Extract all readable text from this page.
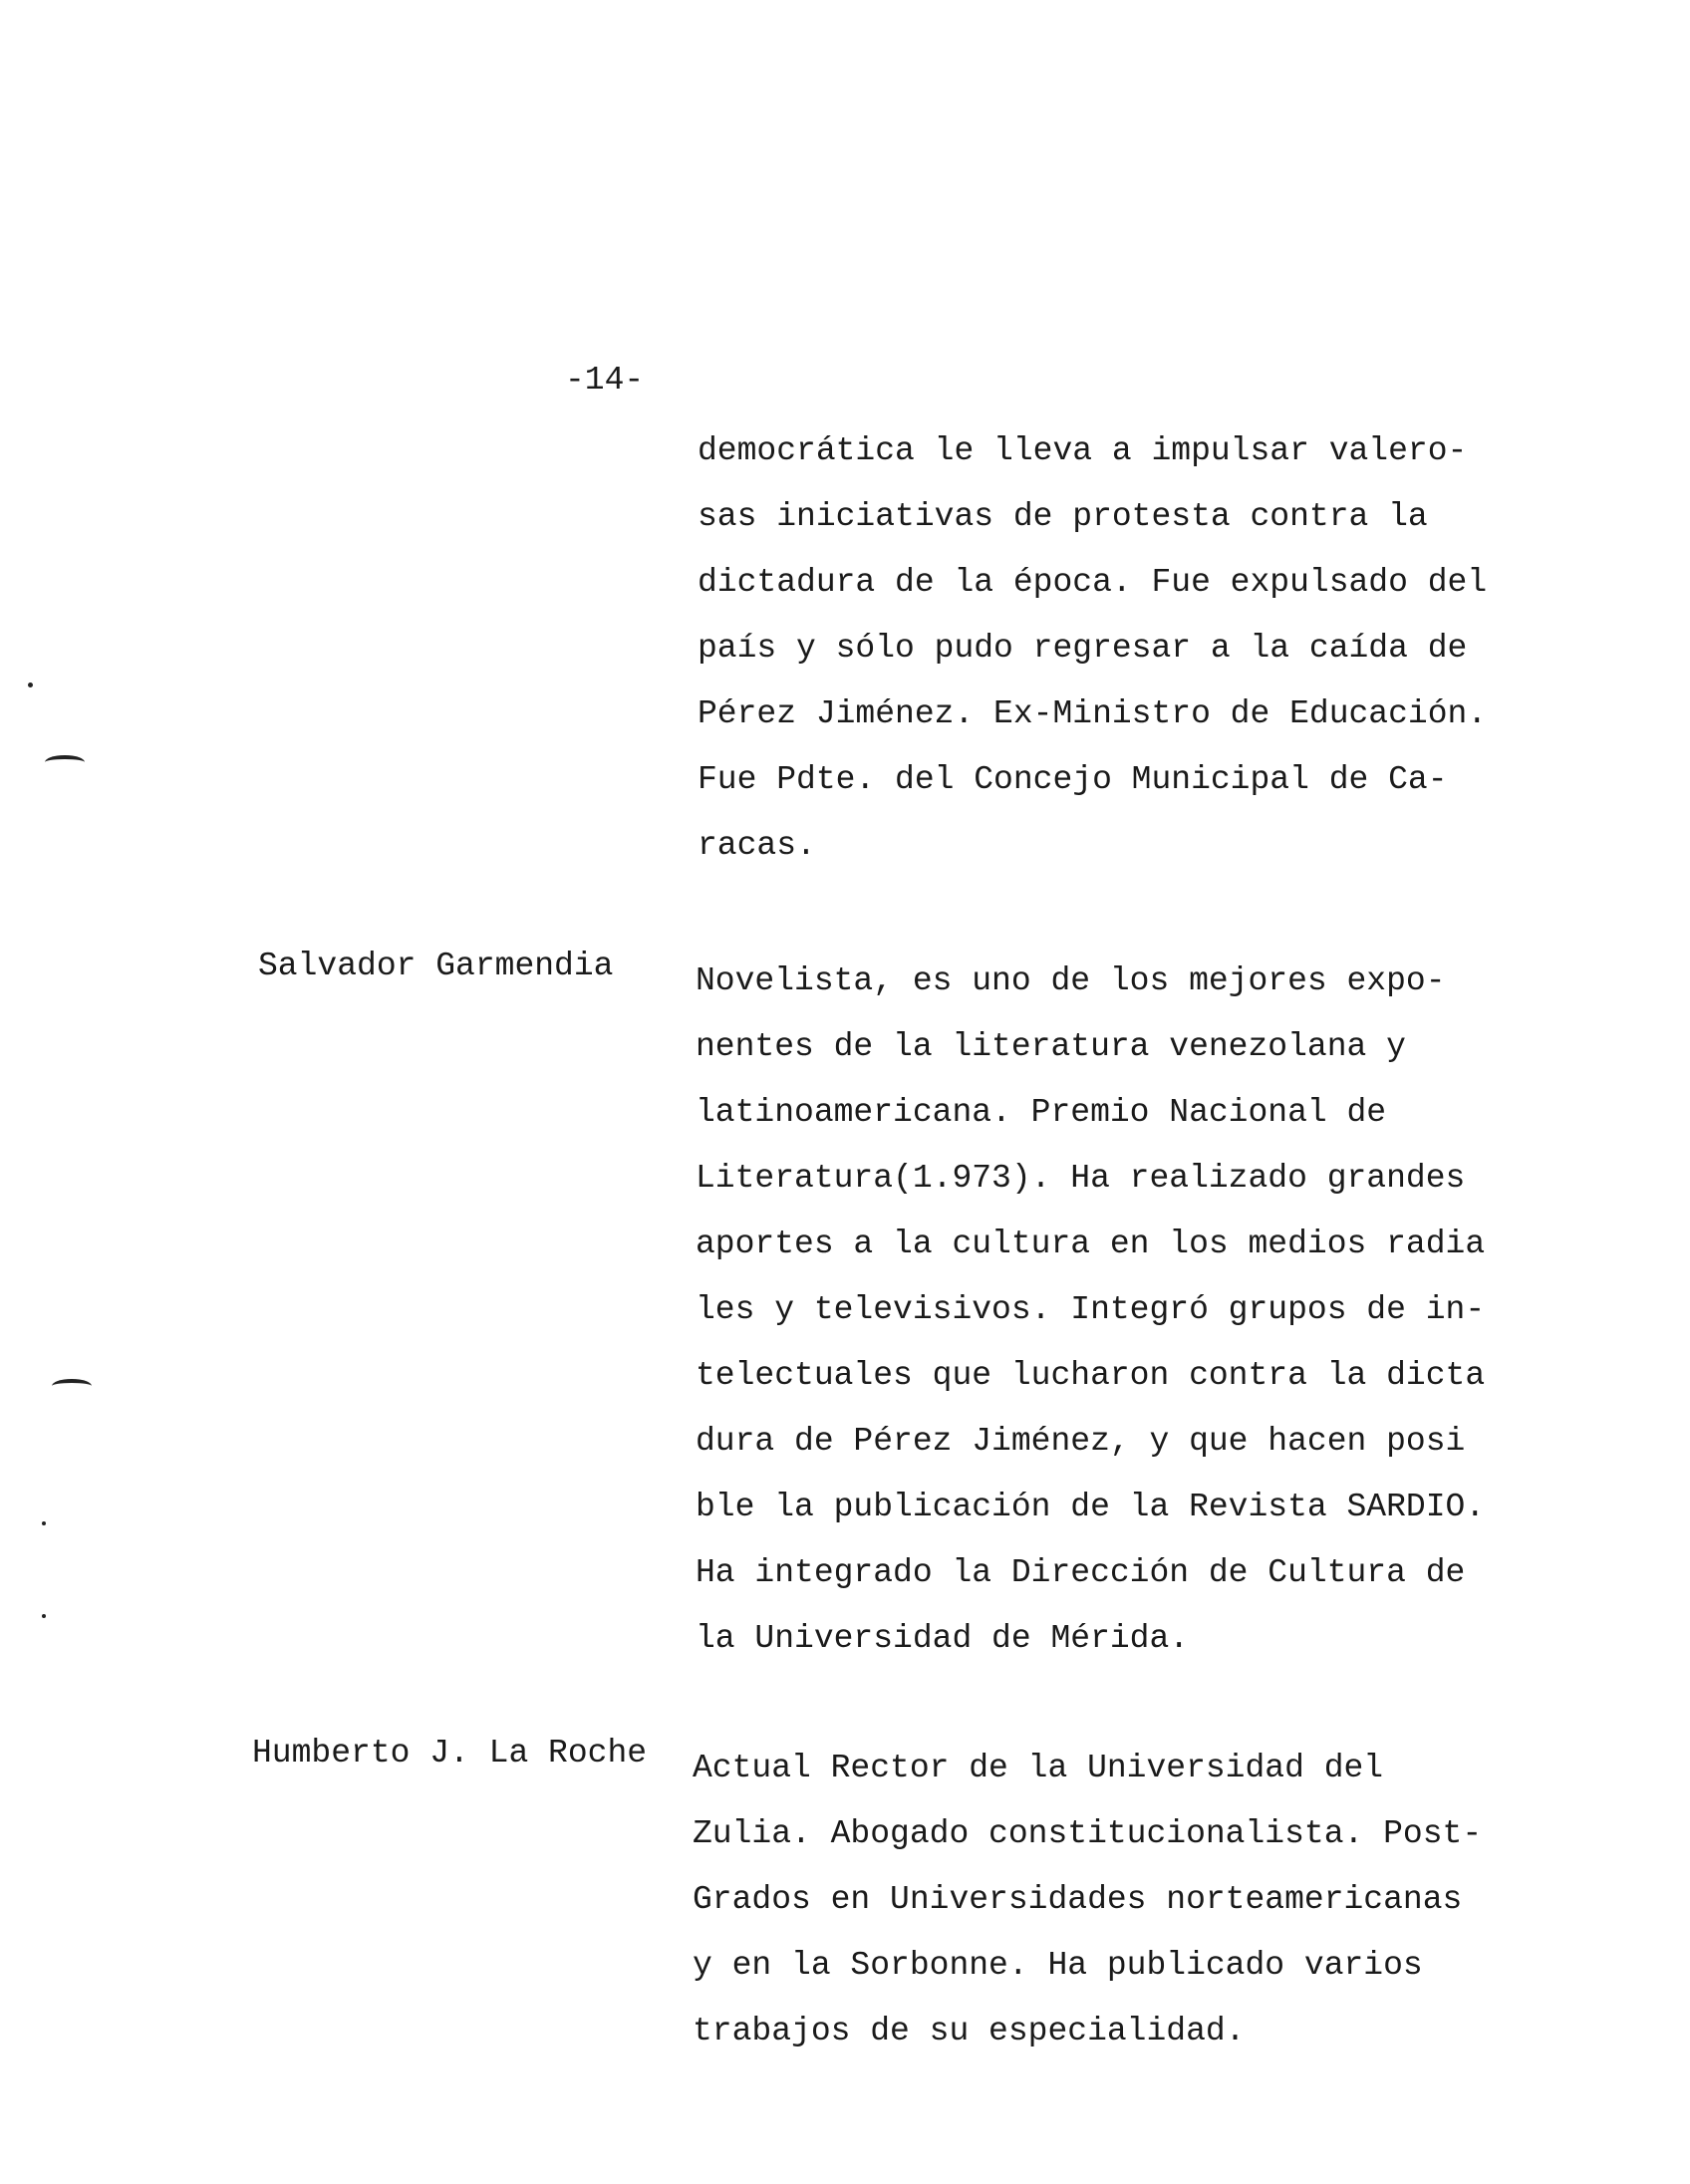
-14-
democrática le lleva a impulsar valero-
sas iniciativas de protesta contra la
dictadura de la época. Fue expulsado del
país y sólo pudo regresar a la caída de
Pérez Jiménez. Ex-Ministro de Educación.
Fue Pdte. del Concejo Municipal de Ca-
racas.
Salvador Garmendia	Novelista, es uno de los mejores expo-
nentes de la literatura venezolana y
latinoamericana. Premio Nacional de
Literatura(1.973). Ha realizado grandes
aportes a la cultura en los medios radia
les y televisivos. Integró grupos de in-
telectuales que lucharon contra la dicta
dura de Pérez Jiménez, y que hacen posi
ble la publicación de la Revista SARDIO.
Ha integrado la Dirección de Cultura de
la Universidad de Mérida.
Humberto J. La Roche Actual Rector de la Universidad del
Zulia. Abogado constitucionalista. Post-
Grados en Universidades norteamericanas
y en la Sorbonne. Ha publicado varios
trabajos de su especialidad.
